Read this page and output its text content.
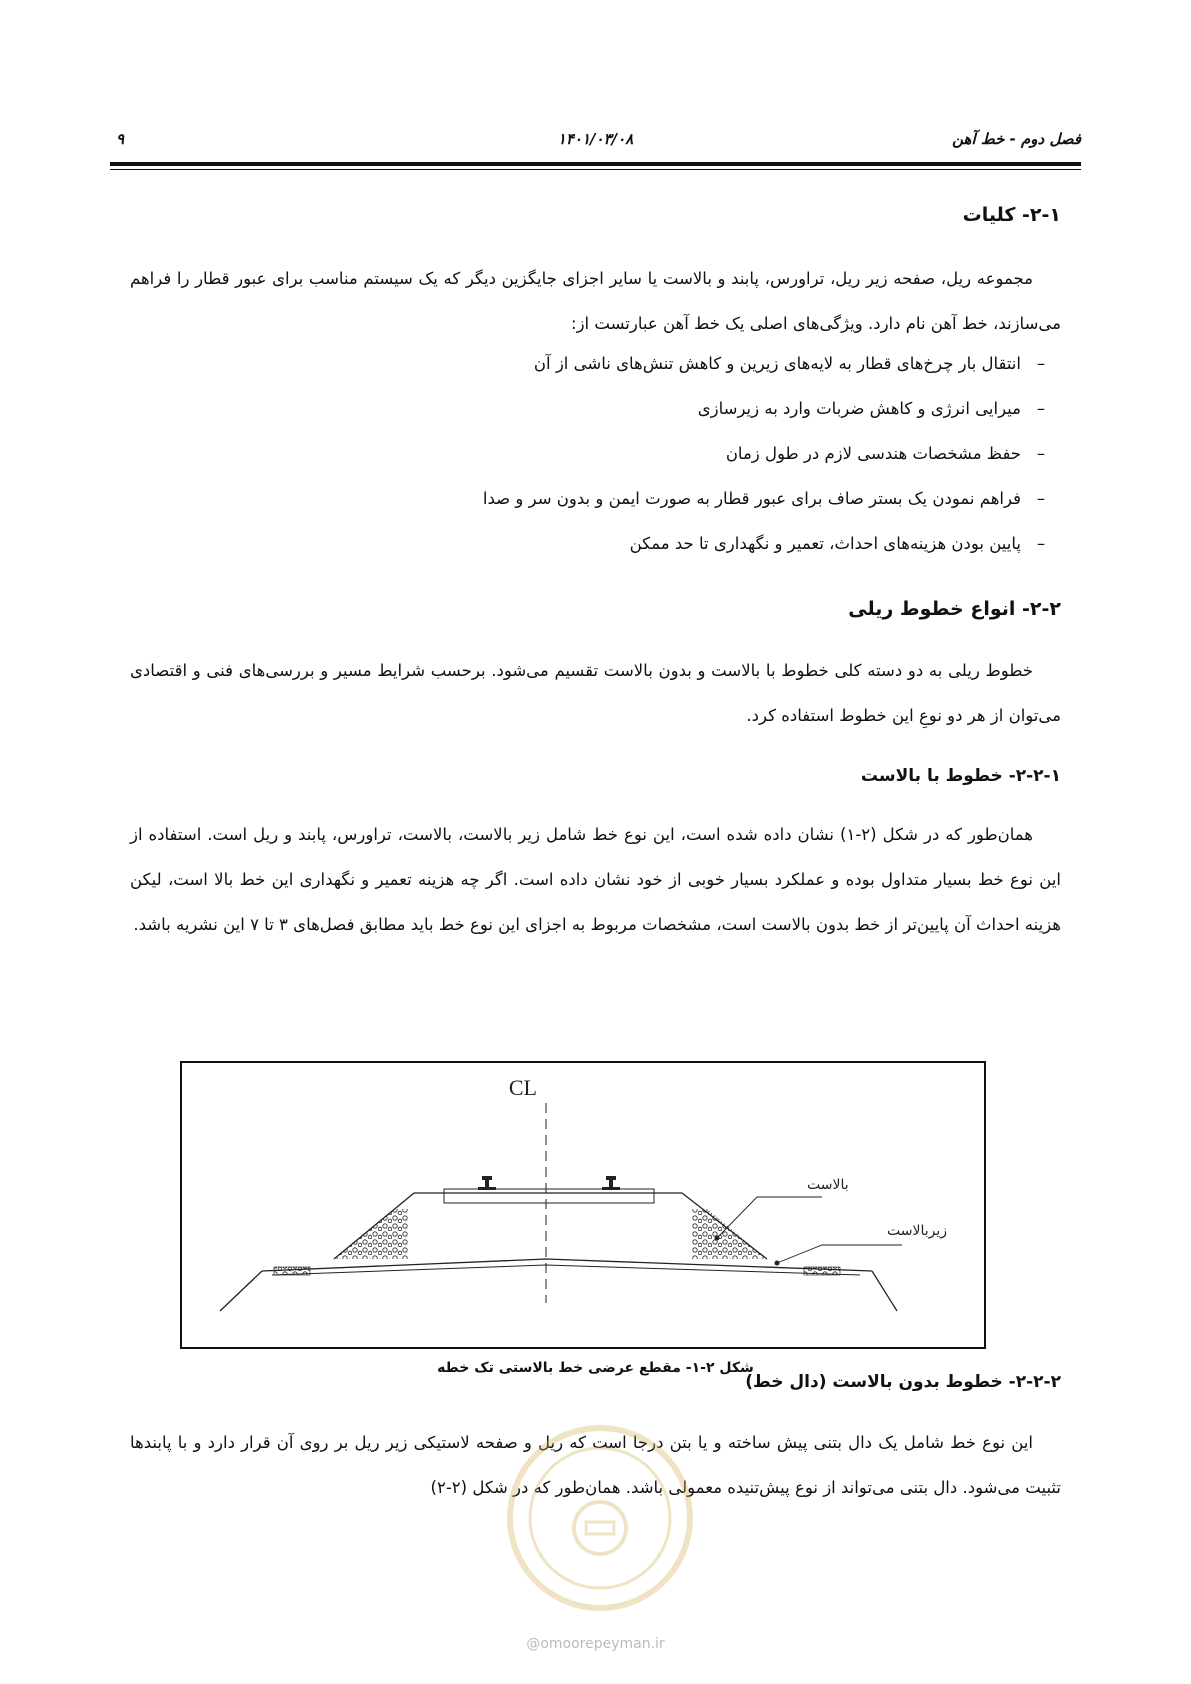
فصل دوم - خط آهن
۱۴۰۱/۰۳/۰۸
۹
۲-۱- کلیات
مجموعه ریل، صفحه زیر ریل، تراورس، پابند و بالاست یا سایر اجزای جایگزین دیگر که یک سیستم مناسب برای عبور قطار را فراهم می‌سازند، خط آهن نام دارد. ویژگی‌های اصلی یک خط آهن عبارتست از:
–انتقال بار چرخ‌های قطار به لایه‌های زیرین و کاهش تنش‌های ناشی از آن
–میرایی انرژی و کاهش ضربات وارد به زیرسازی
–حفظ مشخصات هندسی لازم در طول زمان
–فراهم نمودن یک بستر صاف برای عبور قطار به صورت ایمن و بدون سر و صدا
–پایین بودن هزینه‌های احداث، تعمیر و نگهداری تا حد ممکن
۲-۲- انواع خطوط ریلی
خطوط ریلی به دو دسته کلی خطوط با بالاست و بدون بالاست تقسیم می‌شود. برحسب شرایط مسیر و بررسی‌های فنی و اقتصادی می‌توان از هر دو نوعِ این خطوط استفاده کرد.
۲-۲-۱- خطوط با بالاست
همان‌طور که در شکل (۲-۱) نشان داده شده است، این نوع خط شامل زیر بالاست، بالاست، تراورس، پابند و ریل است. استفاده از این نوع خط بسیار متداول بوده و عملکرد بسیار خوبی از خود نشان داده است. اگر چه هزینه تعمیر و نگهداری این خط بالا است، لیکن هزینه احداث آن پایین‌تر از خط بدون بالاست است، مشخصات مربوط به اجزای این نوع خط باید مطابق فصل‌های ۳ تا ۷ این نشریه باشد.
CL
بالاست
زیربالاست
شکل ۲-۱- مقطع عرضی خط بالاستی تک خطه
۲-۲-۲- خطوط بدون بالاست (دال خط)
این نوع خط شامل یک دال بتنی پیش ساخته و یا بتن درجا است که ریل و صفحه لاستیکی زیر ریل بر روی آن قرار دارد و با پابندها تثبیت می‌شود. دال بتنی می‌تواند از نوع پیش‌تنیده معمولی باشد. همان‌طور که در شکل (۲-۲)
@omoorepeyman.ir
